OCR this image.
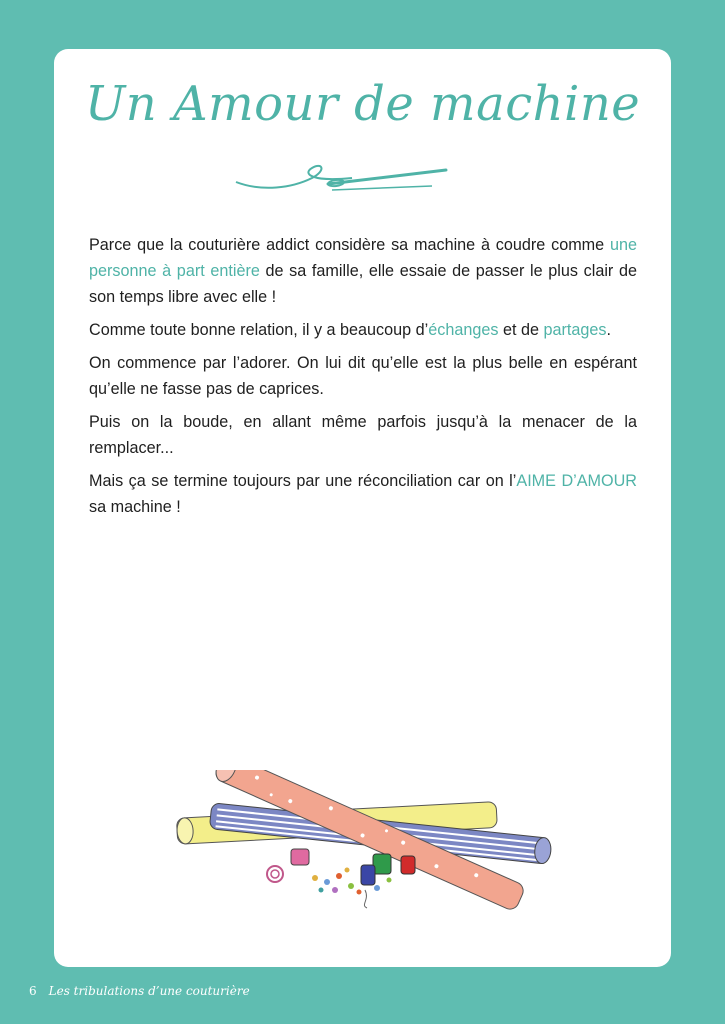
Un Amour de machine

Parce que la couturière addict considère sa machine à coudre comme une personne à part entière de sa famille, elle essaie de passer le plus clair de son temps libre avec elle !

Comme toute bonne relation, il y a beaucoup d’échanges et de partages.

On commence par l’adorer. On lui dit qu’elle est la plus belle en espérant qu’elle ne fasse pas de caprices.

Puis on la boude, en allant même parfois jusqu’à la menacer de la remplacer...

Mais ça se termine toujours par une réconciliation car on l’AIME D’AMOUR sa machine !

6 Les tribulations d’une couturière
